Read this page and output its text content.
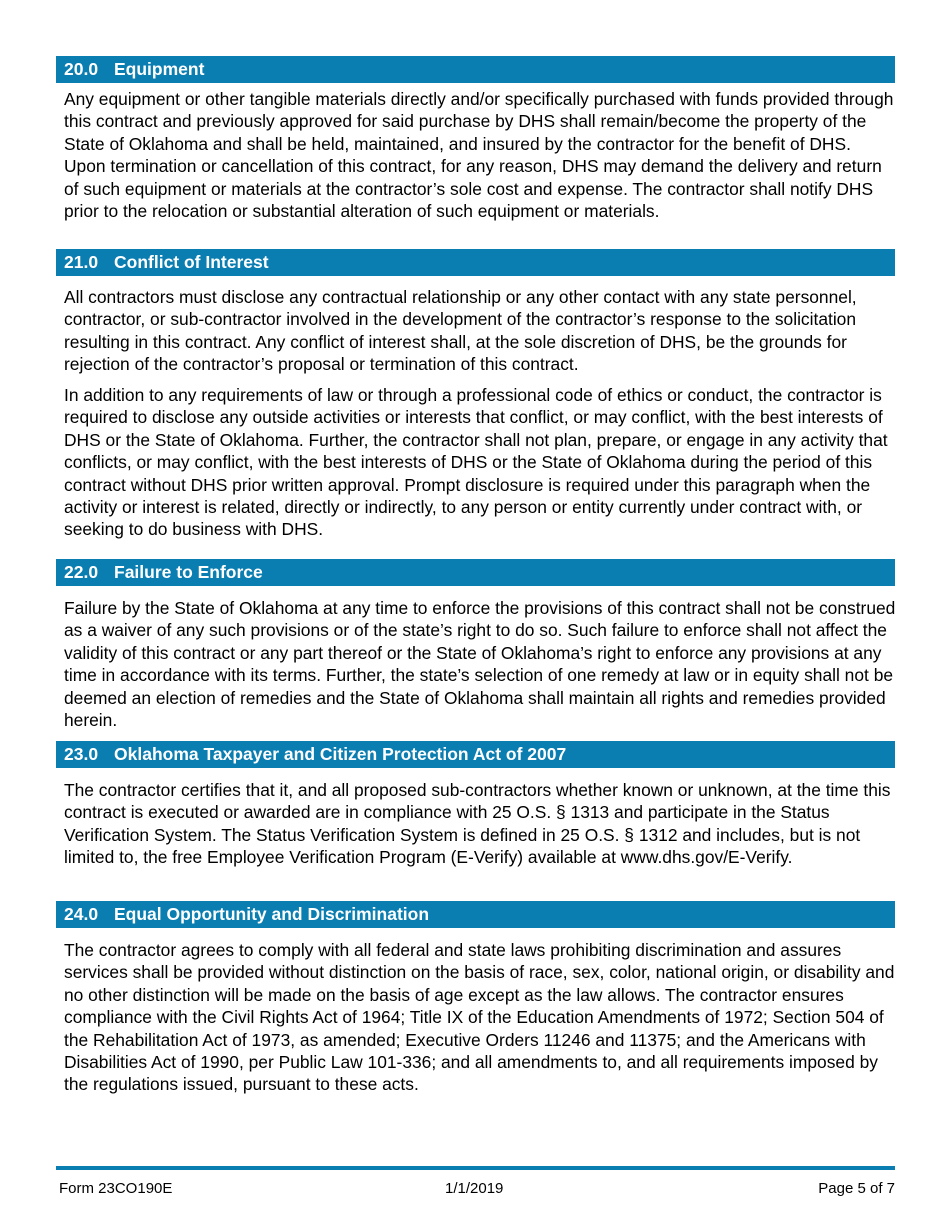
20.0 Equipment

Any equipment or other tangible materials directly and/or specifically purchased with funds provided through this contract and previously approved for said purchase by DHS shall remain/become the property of the State of Oklahoma and shall be held, maintained, and insured by the contractor for the benefit of DHS. Upon termination or cancellation of this contract, for any reason, DHS may demand the delivery and return of such equipment or materials at the contractor’s sole cost and expense. The contractor shall notify DHS prior to the relocation or substantial alteration of such equipment or materials.

21.0 Conflict of Interest

All contractors must disclose any contractual relationship or any other contact with any state personnel, contractor, or sub-contractor involved in the development of the contractor’s response to the solicitation resulting in this contract. Any conflict of interest shall, at the sole discretion of DHS, be the grounds for rejection of the contractor’s proposal or termination of this contract.

In addition to any requirements of law or through a professional code of ethics or conduct, the contractor is required to disclose any outside activities or interests that conflict, or may conflict, with the best interests of DHS or the State of Oklahoma. Further, the contractor shall not plan, prepare, or engage in any activity that conflicts, or may conflict, with the best interests of DHS or the State of Oklahoma during the period of this contract without DHS prior written approval. Prompt disclosure is required under this paragraph when the activity or interest is related, directly or indirectly, to any person or entity currently under contract with, or seeking to do business with DHS.

22.0 Failure to Enforce

Failure by the State of Oklahoma at any time to enforce the provisions of this contract shall not be construed as a waiver of any such provisions or of the state’s right to do so. Such failure to enforce shall not affect the validity of this contract or any part thereof or the State of Oklahoma’s right to enforce any provisions at any time in accordance with its terms. Further, the state’s selection of one remedy at law or in equity shall not be deemed an election of remedies and the State of Oklahoma shall maintain all rights and remedies provided herein.

23.0 Oklahoma Taxpayer and Citizen Protection Act of 2007

The contractor certifies that it, and all proposed sub-contractors whether known or unknown, at the time this contract is executed or awarded are in compliance with 25 O.S. § 1313 and participate in the Status Verification System. The Status Verification System is defined in 25 O.S. § 1312 and includes, but is not limited to, the free Employee Verification Program (E-Verify) available at www.dhs.gov/E-Verify.

24.0 Equal Opportunity and Discrimination

The contractor agrees to comply with all federal and state laws prohibiting discrimination and assures services shall be provided without distinction on the basis of race, sex, color, national origin, or disability and no other distinction will be made on the basis of age except as the law allows. The contractor ensures compliance with the Civil Rights Act of 1964; Title IX of the Education Amendments of 1972; Section 504 of the Rehabilitation Act of 1973, as amended; Executive Orders 11246 and 11375; and the Americans with Disabilities Act of 1990, per Public Law 101-336; and all amendments to, and all requirements imposed by the regulations issued, pursuant to these acts.

Form 23CO190E	1/1/2019	Page 5 of 7
